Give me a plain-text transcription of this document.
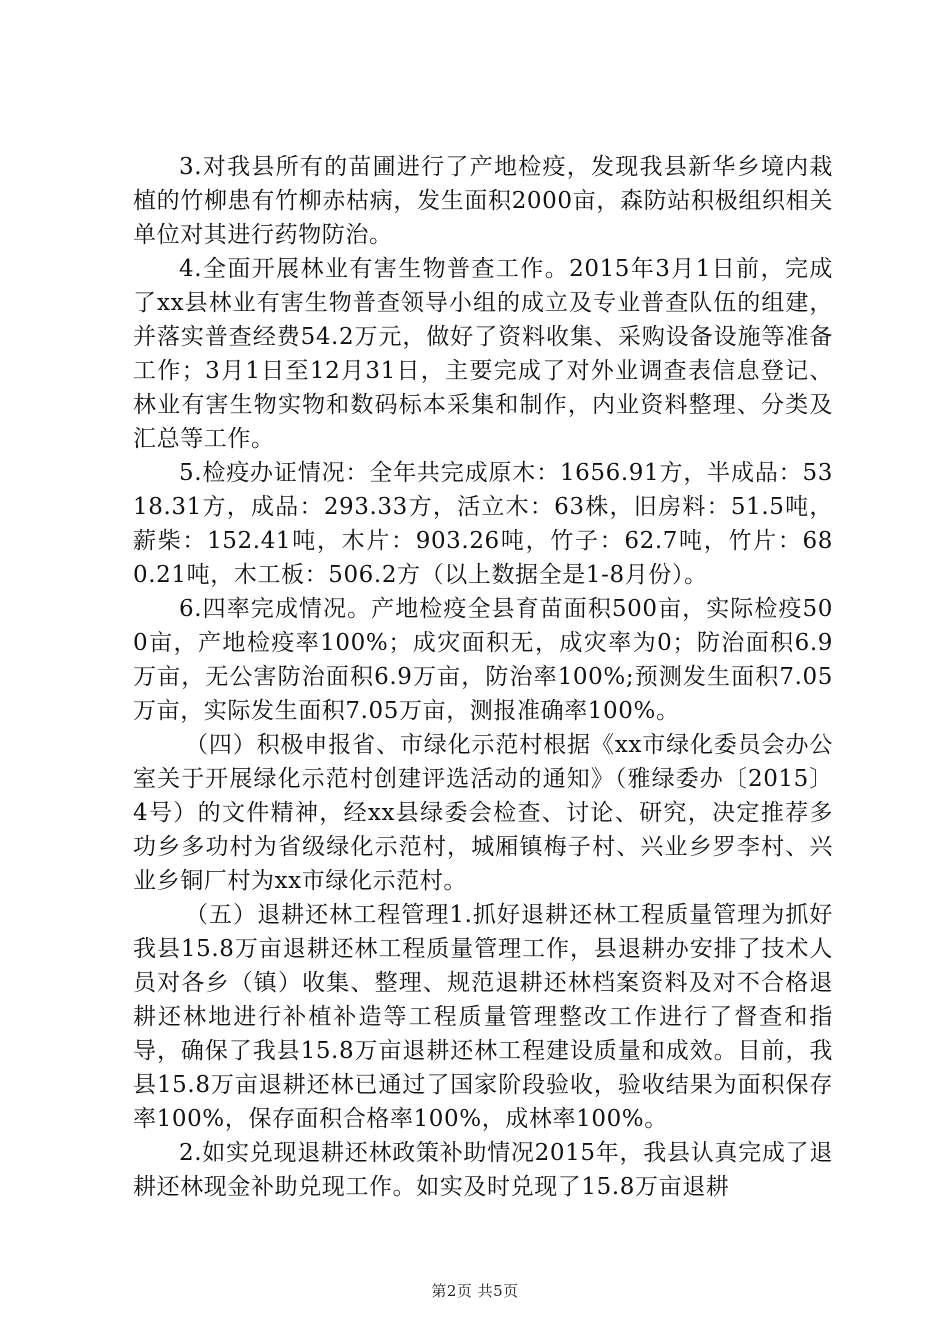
3.对我县所有的苗圃进行了产地检疫，发现我县新华乡境内栽植的竹柳患有竹柳赤枯病，发生面积2000亩，森防站积极组织相关单位对其进行药物防治。

4.全面开展林业有害生物普查工作。2015年3月1日前，完成了xx县林业有害生物普查领导小组的成立及专业普查队伍的组建，并落实普查经费54.2万元，做好了资料收集、采购设备设施等准备工作；3月1日至12月31日，主要完成了对外业调查表信息登记、林业有害生物实物和数码标本采集和制作，内业资料整理、分类及汇总等工作。

5.检疫办证情况：全年共完成原木：1656.91方，半成品：5318.31方，成品：293.33方，活立木：63株，旧房料：51.5吨，薪柴：152.41吨，木片：903.26吨，竹子：62.7吨，竹片：680.21吨，木工板：506.2方（以上数据全是1-8月份）。

6.四率完成情况。产地检疫全县育苗面积500亩，实际检疫500亩，产地检疫率100%；成灾面积无，成灾率为0；防治面积6.9万亩，无公害防治面积6.9万亩，防治率100%;预测发生面积7.05万亩，实际发生面积7.05万亩，测报准确率100%。

（四）积极申报省、市绿化示范村根据《xx市绿化委员会办公室关于开展绿化示范村创建评选活动的通知》（雅绿委办〔2015〕4号）的文件精神，经xx县绿委会检查、讨论、研究，决定推荐多功乡多功村为省级绿化示范村，城厢镇梅子村、兴业乡罗李村、兴业乡铜厂村为xx市绿化示范村。

（五）退耕还林工程管理1.抓好退耕还林工程质量管理为抓好我县15.8万亩退耕还林工程质量管理工作，县退耕办安排了技术人员对各乡（镇）收集、整理、规范退耕还林档案资料及对不合格退耕还林地进行补植补造等工程质量管理整改工作进行了督查和指导，确保了我县15.8万亩退耕还林工程建设质量和成效。目前，我县15.8万亩退耕还林已通过了国家阶段验收，验收结果为面积保存率100%，保存面积合格率100%，成林率100%。

2.如实兑现退耕还林政策补助情况2015年，我县认真完成了退耕还林现金补助兑现工作。如实及时兑现了15.8万亩退耕

第2页 共5页
